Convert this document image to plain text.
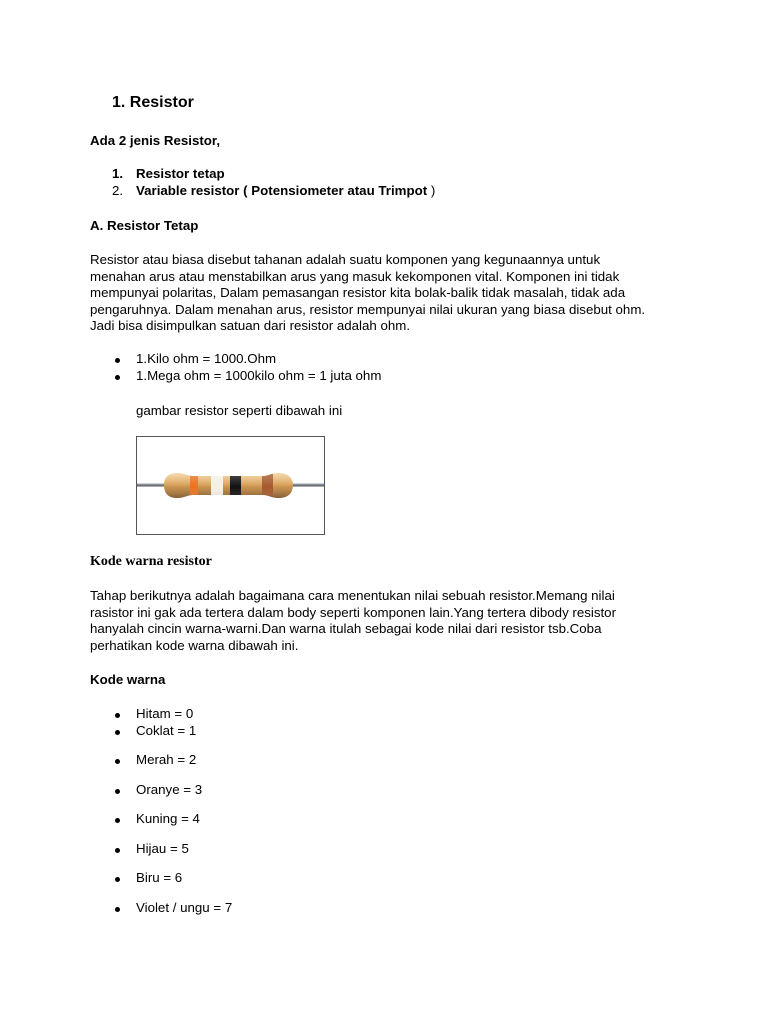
1. Resistor
Ada 2 jenis Resistor,
1. Resistor tetap
2. Variable resistor ( Potensiometer atau Trimpot )
A. Resistor Tetap
Resistor atau biasa disebut tahanan adalah suatu komponen yang kegunaannya untuk
menahan arus atau menstabilkan arus yang masuk kekomponen vital. Komponen ini tidak
mempunyai polaritas, Dalam pemasangan resistor kita bolak-balik tidak masalah, tidak ada
pengaruhnya. Dalam menahan arus, resistor mempunyai nilai ukuran yang biasa disebut ohm.
Jadi bisa disimpulkan satuan dari resistor adalah ohm.
1.Kilo ohm = 1000.Ohm
1.Mega ohm = 1000kilo ohm = 1 juta ohm
gambar resistor seperti dibawah ini
Kode warna resistor
Tahap berikutnya adalah bagaimana cara menentukan nilai sebuah resistor.Memang nilai
rasistor ini gak ada tertera dalam body seperti komponen lain.Yang tertera dibody resistor
hanyalah cincin warna-warni.Dan warna itulah sebagai kode nilai dari resistor tsb.Coba
perhatikan kode warna dibawah ini.
Kode warna
Hitam = 0
Coklat = 1
Merah = 2
Oranye = 3
Kuning = 4
Hijau = 5
Biru = 6
Violet / ungu = 7
